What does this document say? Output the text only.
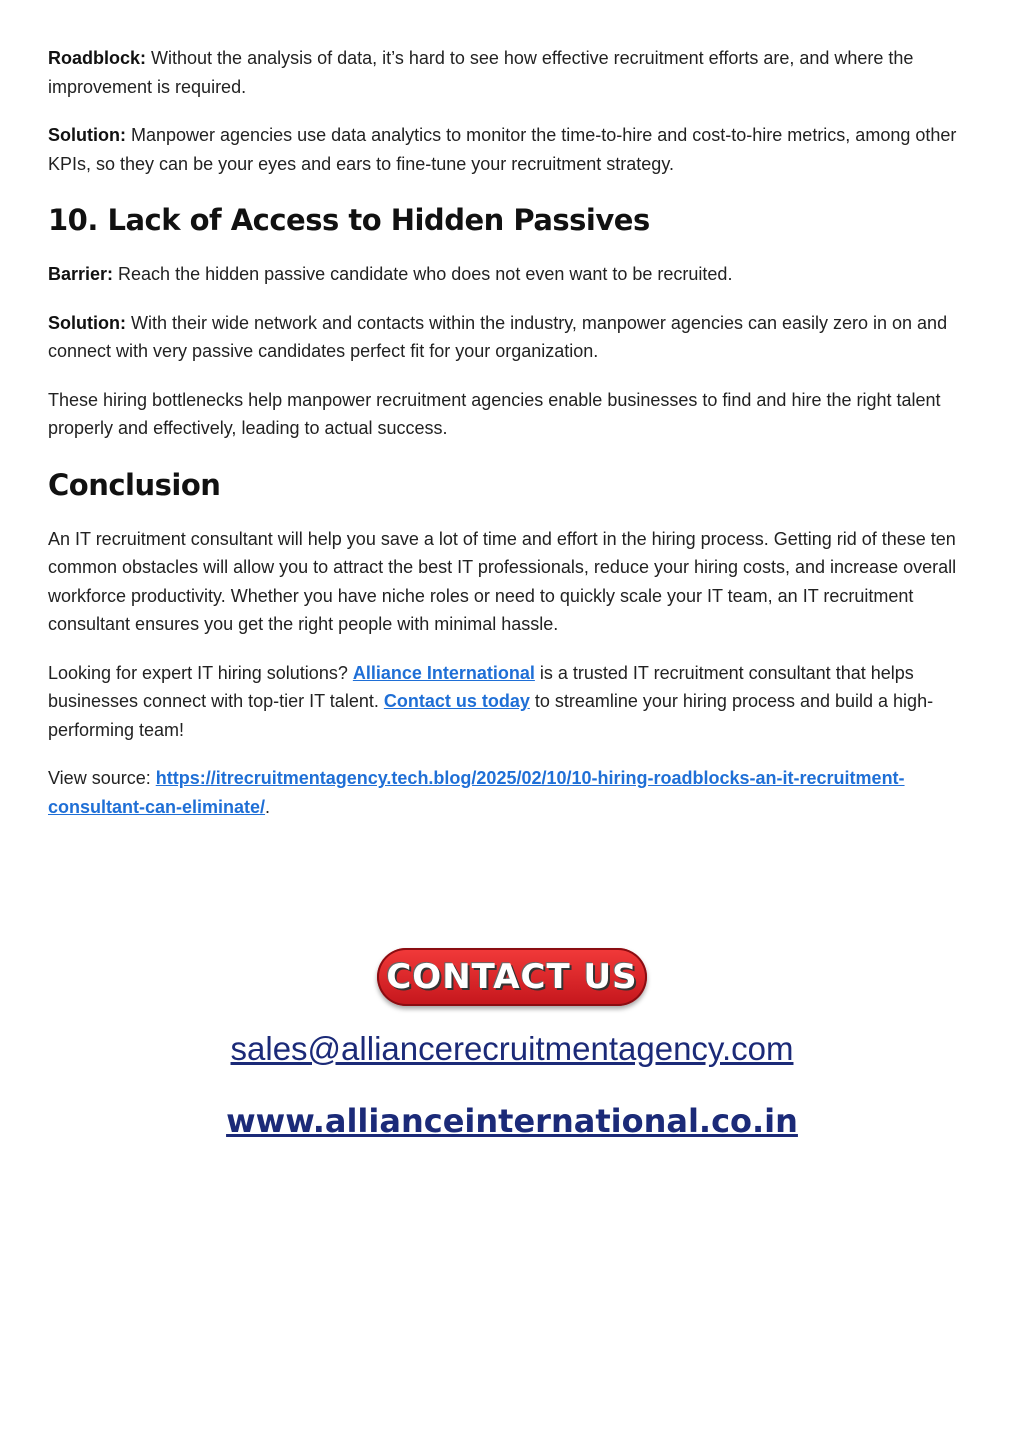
Roadblock: Without the analysis of data, it’s hard to see how effective recruitment efforts are, and where the improvement is required.

Solution: Manpower agencies use data analytics to monitor the time-to-hire and cost-to-hire metrics, among other KPIs, so they can be your eyes and ears to fine-tune your recruitment strategy.

10. Lack of Access to Hidden Passives

Barrier: Reach the hidden passive candidate who does not even want to be recruited.

Solution: With their wide network and contacts within the industry, manpower agencies can easily zero in on and connect with very passive candidates perfect fit for your organization.

These hiring bottlenecks help manpower recruitment agencies enable businesses to find and hire the right talent properly and effectively, leading to actual success.

Conclusion

An IT recruitment consultant will help you save a lot of time and effort in the hiring process. Getting rid of these ten common obstacles will allow you to attract the best IT professionals, reduce your hiring costs, and increase overall workforce productivity. Whether you have niche roles or need to quickly scale your IT team, an IT recruitment consultant ensures you get the right people with minimal hassle.

Looking for expert IT hiring solutions? Alliance International is a trusted IT recruitment consultant that helps businesses connect with top-tier IT talent. Contact us today to streamline your hiring process and build a high-performing team!

View source: https://itrecruitmentagency.tech.blog/2025/02/10/10-hiring-roadblocks-an-it-recruitment-consultant-can-eliminate/.

CONTACT US
sales@alliancerecruitmentagency.com
www.allianceinternational.co.in
